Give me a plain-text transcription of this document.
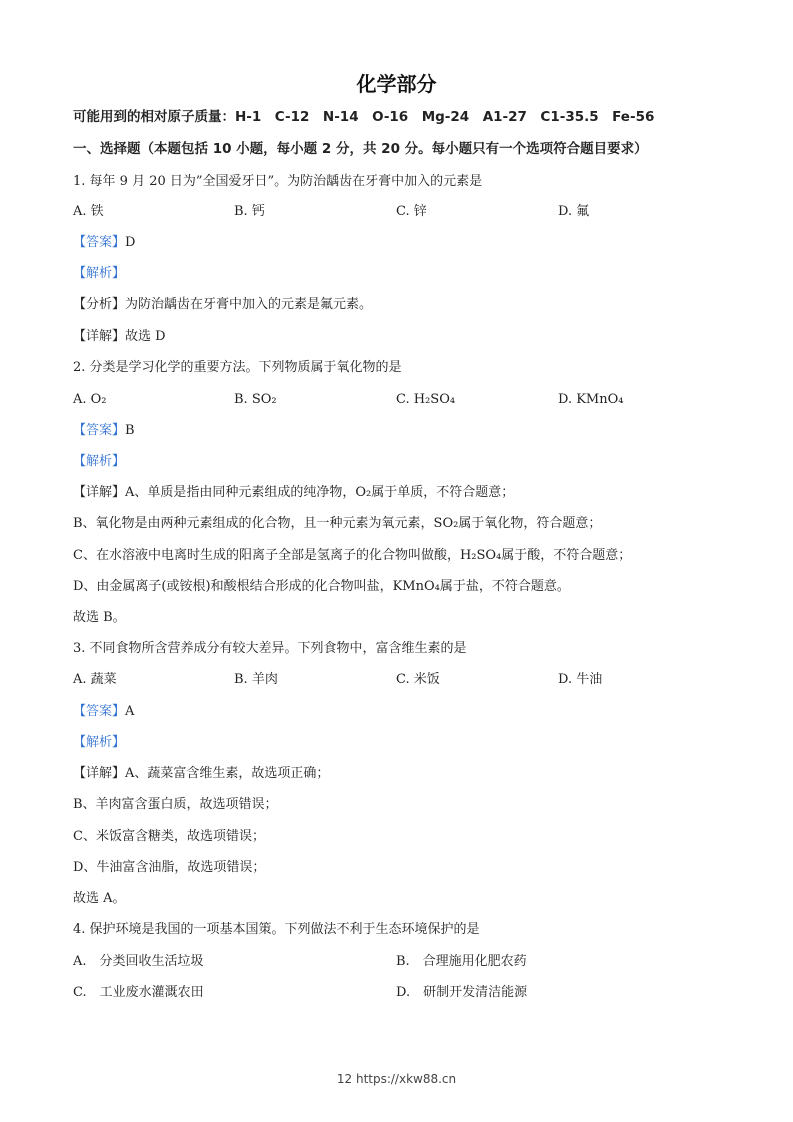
化学部分
可能用到的相对原子质量：H-1　C-12　N-14　O-16　Mg-24　A1-27　C1-35.5　Fe-56
一、选择题（本题包括 10 小题，每小题 2 分，共 20 分。每小题只有一个选项符合题目要求）
1. 每年 9 月 20 日为”全国爱牙日”。为防治龋齿在牙膏中加入的元素是
A. 铁	B. 钙	C. 锌	D. 氟
【答案】D
【解析】
【分析】为防治龋齿在牙膏中加入的元素是氟元素。
【详解】故选 D
2. 分类是学习化学的重要方法。下列物质属于氧化物的是
A. O₂	B. SO₂	C. H₂SO₄	D. KMnO₄
【答案】B
【解析】
【详解】A、单质是指由同种元素组成的纯净物，O₂属于单质，不符合题意；
B、氧化物是由两种元素组成的化合物，且一种元素为氧元素，SO₂属于氧化物，符合题意；
C、在水溶液中电离时生成的阳离子全部是氢离子的化合物叫做酸，H₂SO₄属于酸，不符合题意；
D、由金属离子(或铵根)和酸根结合形成的化合物叫盐，KMnO₄属于盐，不符合题意。
故选 B。
3. 不同食物所含营养成分有较大差异。下列食物中，富含维生素的是
A. 蔬菜	B. 羊肉	C. 米饭	D. 牛油
【答案】A
【解析】
【详解】A、蔬菜富含维生素，故选项正确；
B、羊肉富含蛋白质，故选项错误；
C、米饭富含糖类，故选项错误；
D、牛油富含油脂，故选项错误；
故选 A。
4. 保护环境是我国的一项基本国策。下列做法不利于生态环境保护的是
A.　分类回收生活垃圾	B.　合理施用化肥农药
C.　工业废水灌溉农田	D.　研制开发清洁能源
12 https://xkw88.cn
